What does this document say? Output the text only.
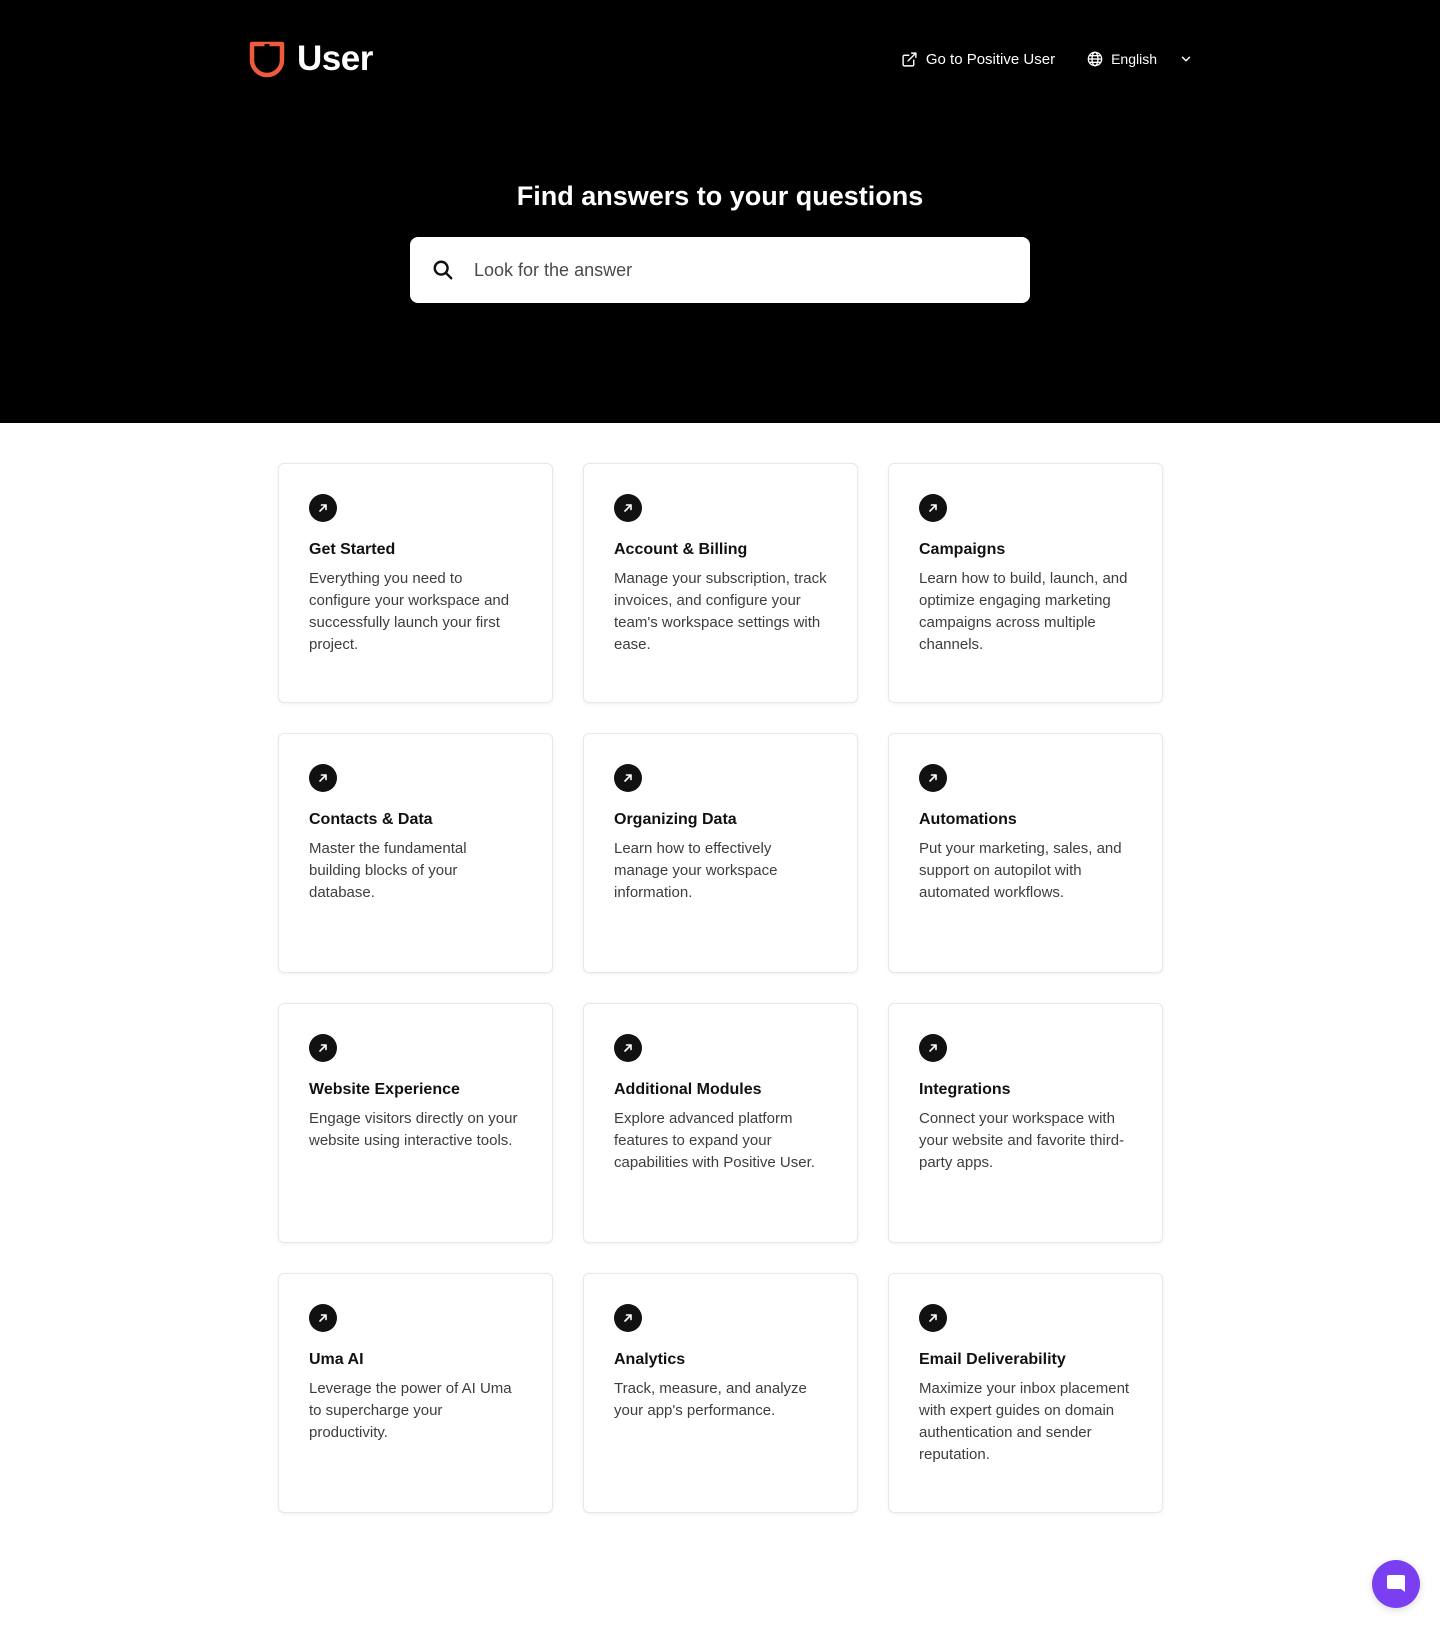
User	Go to Positive User	English
Find answers to your questions
Look for the answer
Get Started
Everything you need to configure your workspace and successfully launch your first project.
Account & Billing
Manage your subscription, track invoices, and configure your team's workspace settings with ease.
Campaigns
Learn how to build, launch, and optimize engaging marketing campaigns across multiple channels.
Contacts & Data
Master the fundamental building blocks of your database.
Organizing Data
Learn how to effectively manage your workspace information.
Automations
Put your marketing, sales, and support on autopilot with automated workflows.
Website Experience
Engage visitors directly on your website using interactive tools.
Additional Modules
Explore advanced platform features to expand your capabilities with Positive User.
Integrations
Connect your workspace with your website and favorite third-party apps.
Uma AI
Leverage the power of AI Uma to supercharge your productivity.
Analytics
Track, measure, and analyze your app's performance.
Email Deliverability
Maximize your inbox placement with expert guides on domain authentication and sender reputation.
